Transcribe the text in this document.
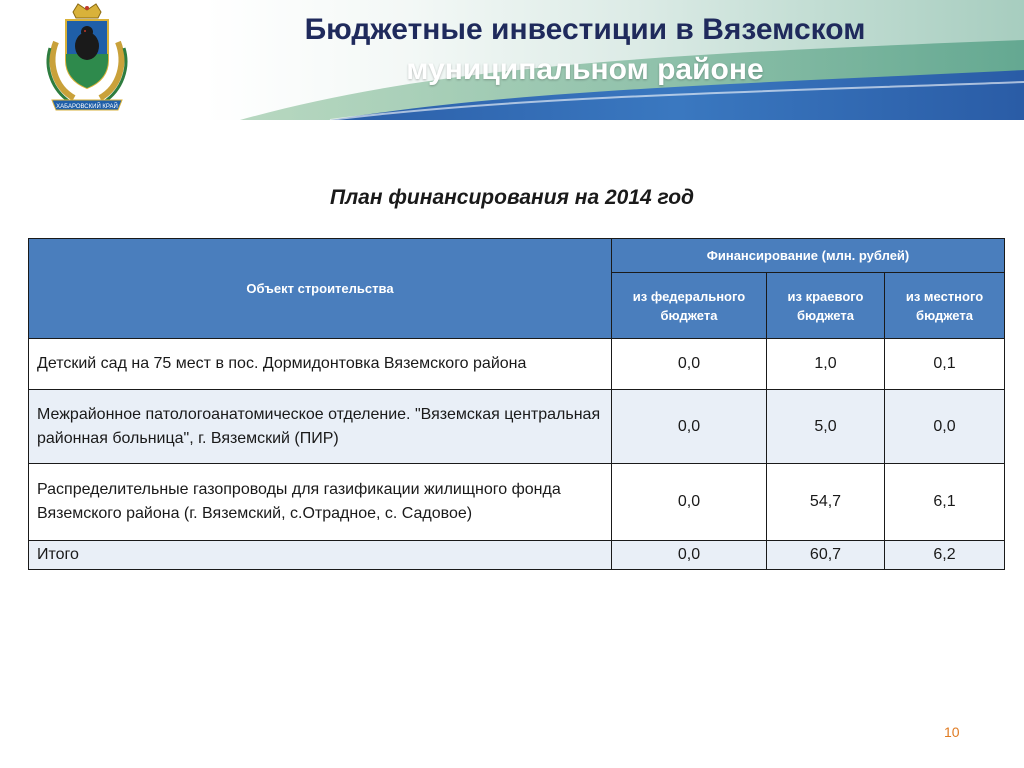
ХАБАРОВСКИЙ КРАЙ
Бюджетные инвестиции в Вяземском
муниципальном районе
План финансирования на 2014 год
Объект строительства	Финансирование (млн. рублей)		
	из федерального бюджета	из краевого бюджета	из местного бюджета
Детский сад на 75 мест в пос. Дормидонтовка Вяземского района	0,0	1,0	0,1
Межрайонное патологоанатомическое отделение. "Вяземская центральная районная больница", г. Вяземский (ПИР)	0,0	5,0	0,0
Распределительные газопроводы для газификации жилищного фонда Вяземского района (г. Вяземский, с.Отрадное, с. Садовое)	0,0	54,7	6,1
Итого	0,0	60,7	6,2
10
